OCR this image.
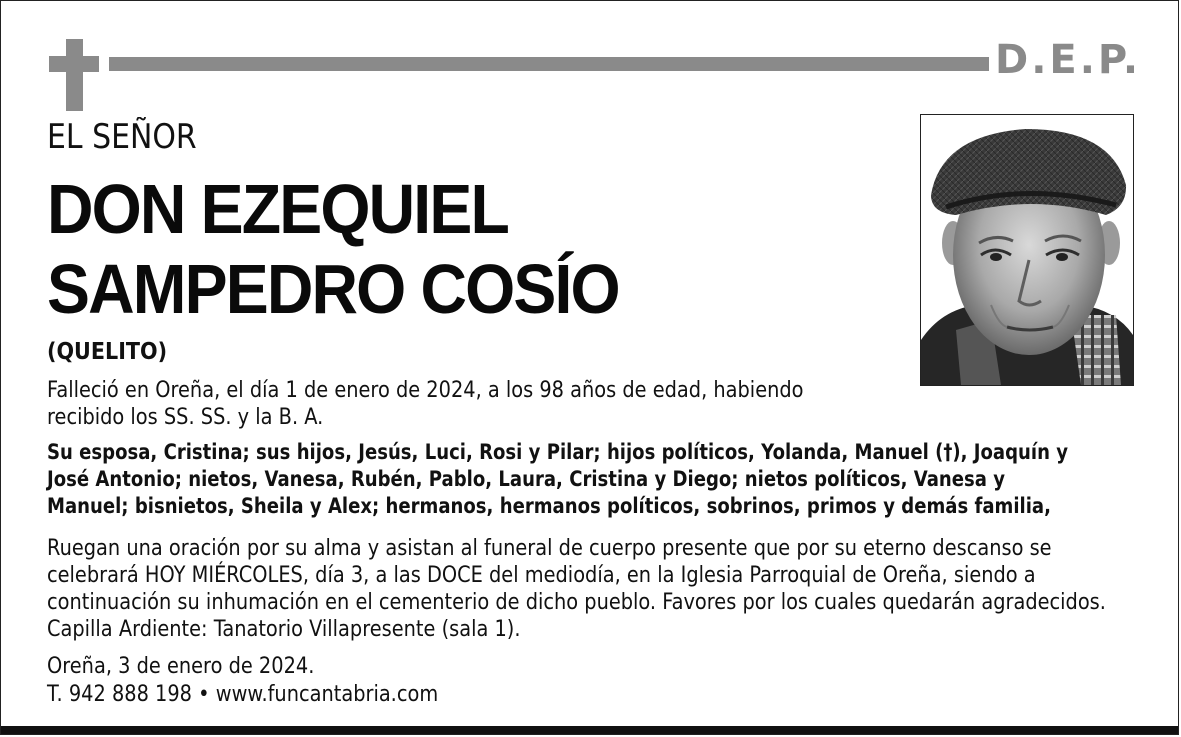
D.E.P.
EL SEÑOR
DON EZEQUIEL
SAMPEDRO COSÍO
(QUELITO)

Falleció en Oreña, el día 1 de enero de 2024, a los 98 años de edad, habiendo recibido los SS. SS. y la B. A.

Su esposa, Cristina; sus hijos, Jesús, Luci, Rosi y Pilar; hijos políticos, Yolanda, Manuel (†), Joaquín y José Antonio; nietos, Vanesa, Rubén, Pablo, Laura, Cristina y Diego; nietos políticos, Vanesa y Manuel; bisnietos, Sheila y Alex; hermanos, hermanos políticos, sobrinos, primos y demás familia,

Ruegan una oración por su alma y asistan al funeral de cuerpo presente que por su eterno descanso se celebrará HOY MIÉRCOLES, día 3, a las DOCE del mediodía, en la Iglesia Parroquial de Oreña, siendo a continuación su inhumación en el cementerio de dicho pueblo. Favores por los cuales quedarán agradecidos. Capilla Ardiente: Tanatorio Villapresente (sala 1).

Oreña, 3 de enero de 2024.

T. 942 888 198 • www.funcantabria.com
